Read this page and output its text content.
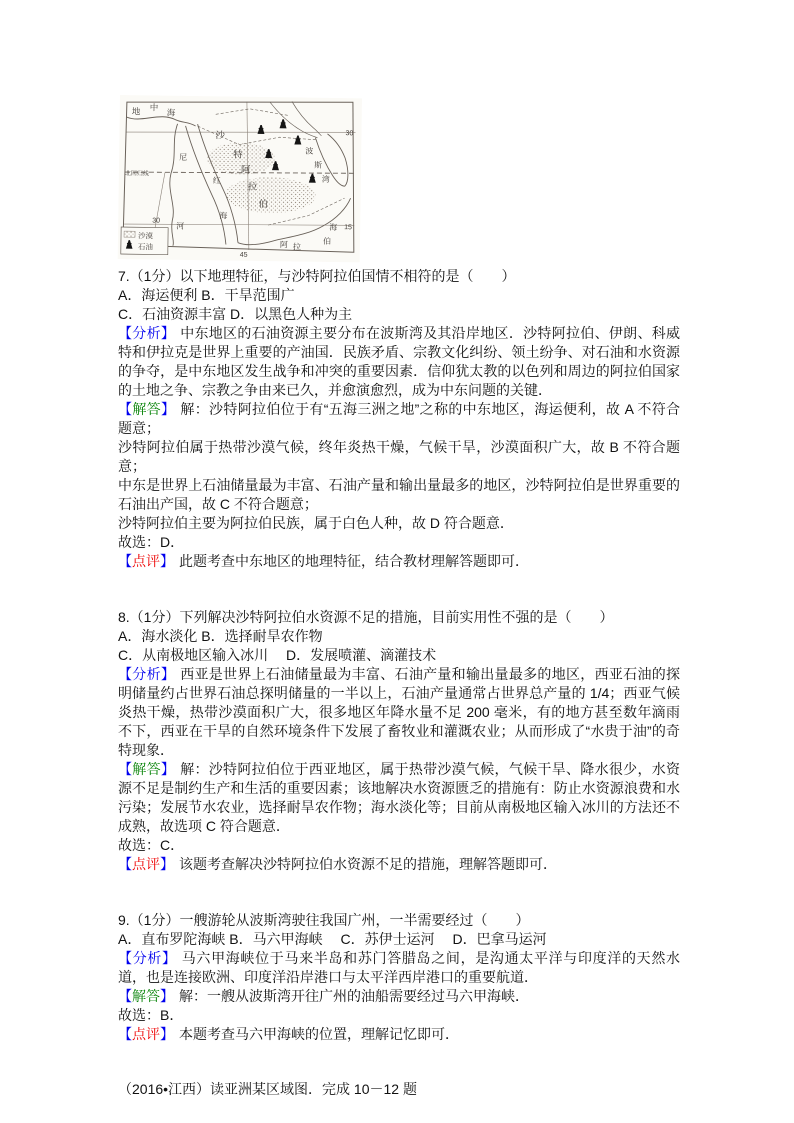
地 中
海
尼
河
红
海
沙
特
阿
拉
伯
波
斯
湾
阿 拉
伯
海
北回归线
30
15
30
45
沙漠
石油

7.（1分）以下地理特征，与沙特阿拉伯国情不相符的是（　　）

A．海运便利 B．干旱范围广

C．石油资源丰富 D．以黑色人种为主

【分析】 中东地区的石油资源主要分布在波斯湾及其沿岸地区．沙特阿拉伯、伊朗、科威特和伊拉克是世界上重要的产油国．民族矛盾、宗教文化纠纷、领土纷争、对石油和水资源的争夺，是中东地区发生战争和冲突的重要因素．信仰犹太教的以色列和周边的阿拉伯国家的土地之争、宗教之争由来已久，并愈演愈烈，成为中东问题的关键．

【解答】 解：沙特阿拉伯位于有“五海三洲之地”之称的中东地区，海运便利，故 A 不符合题意；

沙特阿拉伯属于热带沙漠气候，终年炎热干燥，气候干旱，沙漠面积广大，故 B 不符合题意；

中东是世界上石油储量最为丰富、石油产量和输出量最多的地区，沙特阿拉伯是世界重要的石油出产国，故 C 不符合题意；

沙特阿拉伯主要为阿拉伯民族，属于白色人种，故 D 符合题意．

故选：D．

【点评】 此题考查中东地区的地理特征，结合教材理解答题即可．

8.（1分）下列解决沙特阿拉伯水资源不足的措施，目前实用性不强的是（　　）

A．海水淡化 B．选择耐旱农作物

C．从南极地区输入冰川　 D．发展喷灌、滴灌技术

【分析】 西亚是世界上石油储量最为丰富、石油产量和输出量最多的地区，西亚石油的探明储量约占世界石油总探明储量的一半以上，石油产量通常占世界总产量的 1/4；西亚气候炎热干燥，热带沙漠面积广大，很多地区年降水量不足 200 毫米，有的地方甚至数年滴雨不下，西亚在干旱的自然环境条件下发展了畜牧业和灌溉农业；从而形成了“水贵于油”的奇特现象．

【解答】 解：沙特阿拉伯位于西亚地区，属于热带沙漠气候，气候干旱、降水很少，水资源不足是制约生产和生活的重要因素；该地解决水资源匮乏的措施有：防止水资源浪费和水污染；发展节水农业，选择耐旱农作物；海水淡化等；目前从南极地区输入冰川的方法还不成熟，故选项 C 符合题意．

故选：C．

【点评】 该题考查解决沙特阿拉伯水资源不足的措施，理解答题即可．

9.（1分）一艘游轮从波斯湾驶往我国广州，一半需要经过（　　）

A．直布罗陀海峡 B．马六甲海峡　 C．苏伊士运河　 D．巴拿马运河

【分析】 马六甲海峡位于马来半岛和苏门答腊岛之间，是沟通太平洋与印度洋的天然水道，也是连接欧洲、印度洋沿岸港口与太平洋西岸港口的重要航道．

【解答】 解：一艘从波斯湾开往广州的油船需要经过马六甲海峡．

故选：B．

【点评】 本题考查马六甲海峡的位置，理解记忆即可．

（2016•江西）读亚洲某区域图．完成 10－12 题
